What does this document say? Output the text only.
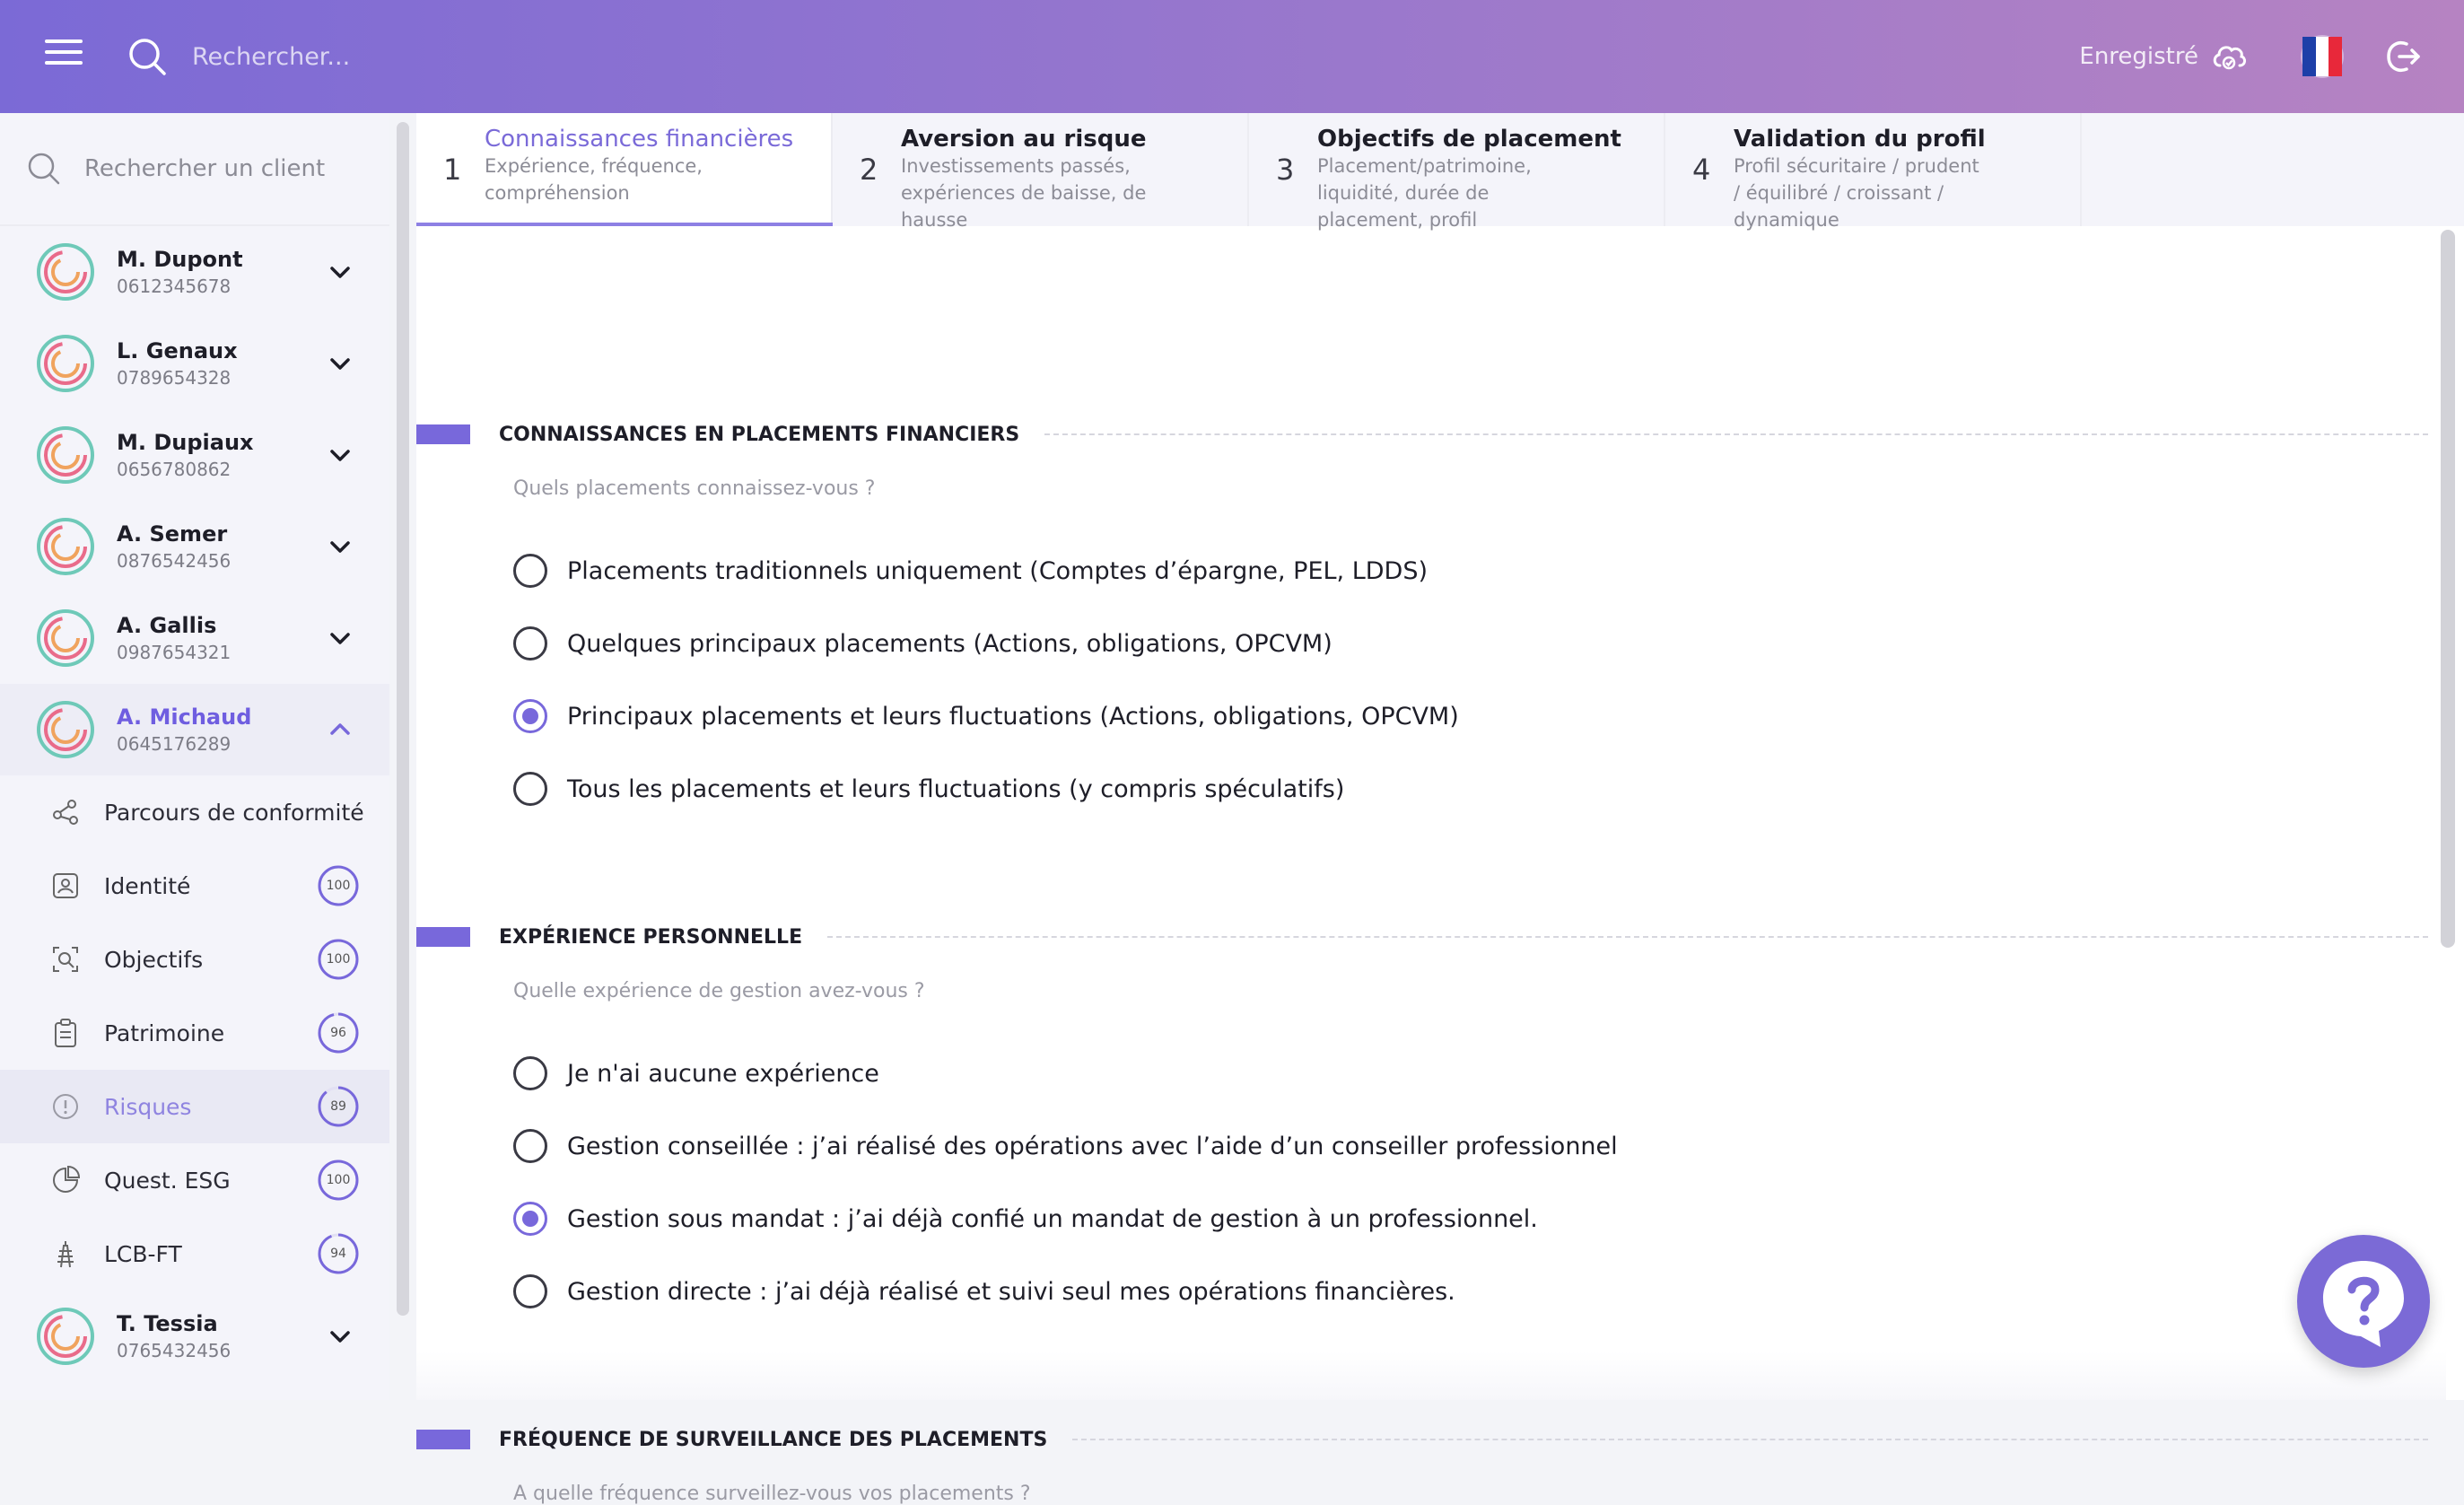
Rechercher...
Enregistré
Rechercher un client
M. Dupont
0612345678
L. Genaux
0789654328
M. Dupiaux
0656780862
A. Semer
0876542456
A. Gallis
0987654321
A. Michaud
0645176289
Parcours de conformité
Identité	100
Objectifs	100
Patrimoine	96
Risques	89
Quest. ESG	100
LCB-FT	94
T. Tessia
0765432456
1
Connaissances financières
Expérience, fréquence, compréhension
2
Aversion au risque
Investissements passés, expériences de baisse, de hausse
3
Objectifs de placement
Placement/patrimoine, liquidité, durée de placement, profil
4
Validation du profil
Profil sécuritaire / prudent / équilibré / croissant / dynamique
CONNAISSANCES EN PLACEMENTS FINANCIERS
Quels placements connaissez-vous ?
Placements traditionnels uniquement (Comptes d’épargne, PEL, LDDS)
Quelques principaux placements (Actions, obligations, OPCVM)
Principaux placements et leurs fluctuations (Actions, obligations, OPCVM)
Tous les placements et leurs fluctuations (y compris spéculatifs)
EXPÉRIENCE PERSONNELLE
Quelle expérience de gestion avez-vous ?
Je n'ai aucune expérience
Gestion conseillée : j’ai réalisé des opérations avec l’aide d’un conseiller professionnel
Gestion sous mandat : j’ai déjà confié un mandat de gestion à un professionnel.
Gestion directe : j’ai déjà réalisé et suivi seul mes opérations financières.
FRÉQUENCE DE SURVEILLANCE DES PLACEMENTS
A quelle fréquence surveillez-vous vos placements ?
